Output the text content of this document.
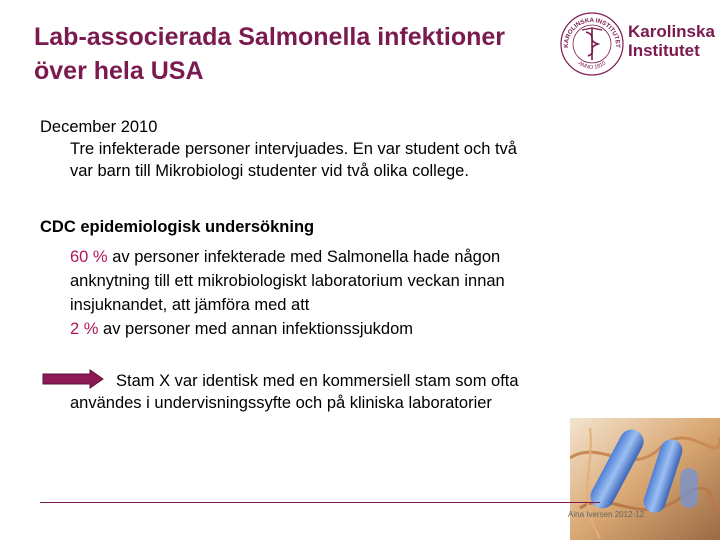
Lab-associerada Salmonella infektioner
över hela USA
KAROLINSKA INSTITUTET
ANNO 1810
Karolinska
Institutet
December 2010
Tre infekterade personer intervjuades. En var student och två
var barn till Mikrobiologi studenter vid två olika college.
CDC epidemiologisk undersökning
60 % av personer infekterade med Salmonella hade någon
anknytning till ett mikrobiologiskt laboratorium veckan innan
insjuknandet, att jämföra med att
2 % av personer med annan infektionssjukdom
Stam X var identisk med en kommersiell stam som ofta
användes i undervisningssyfte och på kliniska laboratorier
Aina Iversen 2012-12
